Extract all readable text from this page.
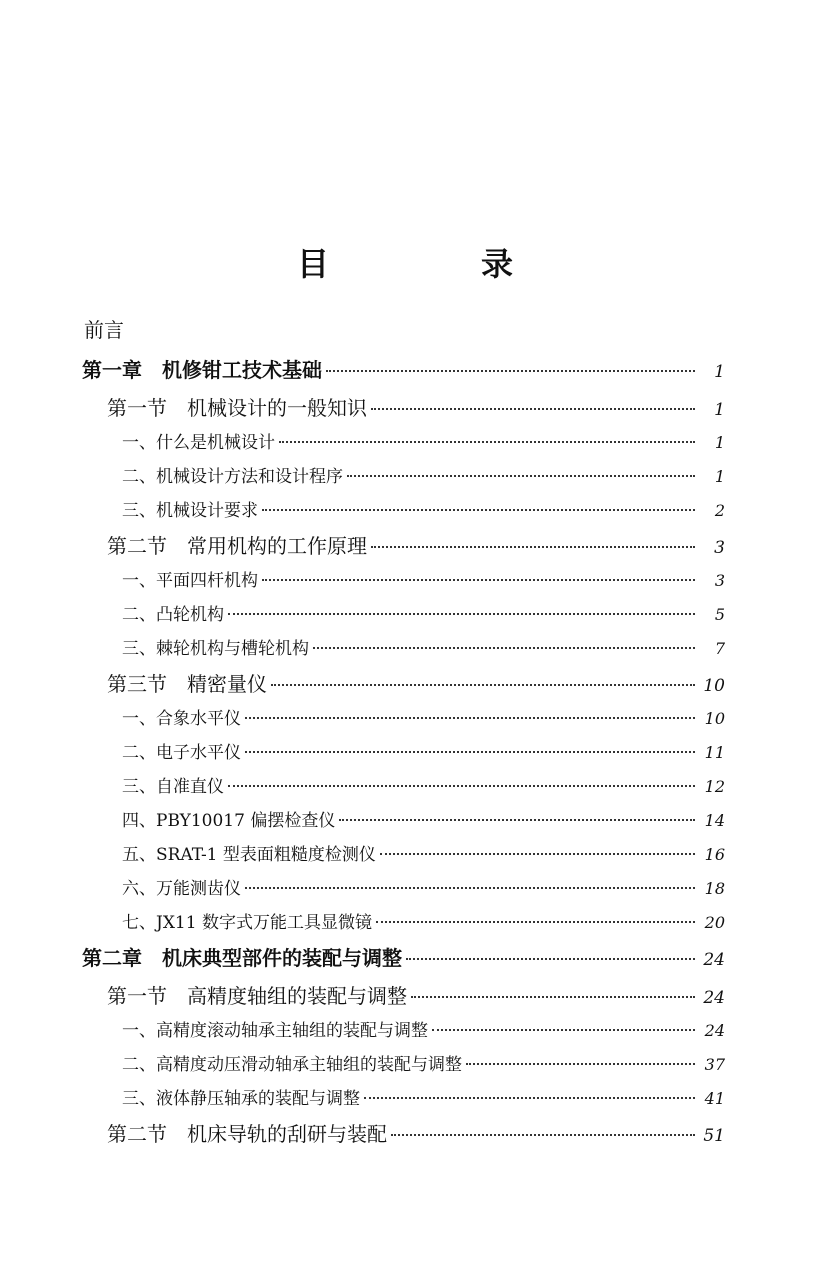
目　录
前言
第一章　机修钳工技术基础	1
第一节　机械设计的一般知识	1
一、什么是机械设计	1
二、机械设计方法和设计程序	1
三、机械设计要求	2
第二节　常用机构的工作原理	3
一、平面四杆机构	3
二、凸轮机构	5
三、棘轮机构与槽轮机构	7
第三节　精密量仪	10
一、合象水平仪	10
二、电子水平仪	11
三、自准直仪	12
四、PBY10017 偏摆检查仪	14
五、SRAT-1 型表面粗糙度检测仪	16
六、万能测齿仪	18
七、JX11 数字式万能工具显微镜	20
第二章　机床典型部件的装配与调整	24
第一节　高精度轴组的装配与调整	24
一、高精度滚动轴承主轴组的装配与调整	24
二、高精度动压滑动轴承主轴组的装配与调整	37
三、液体静压轴承的装配与调整	41
第二节　机床导轨的刮研与装配	51
